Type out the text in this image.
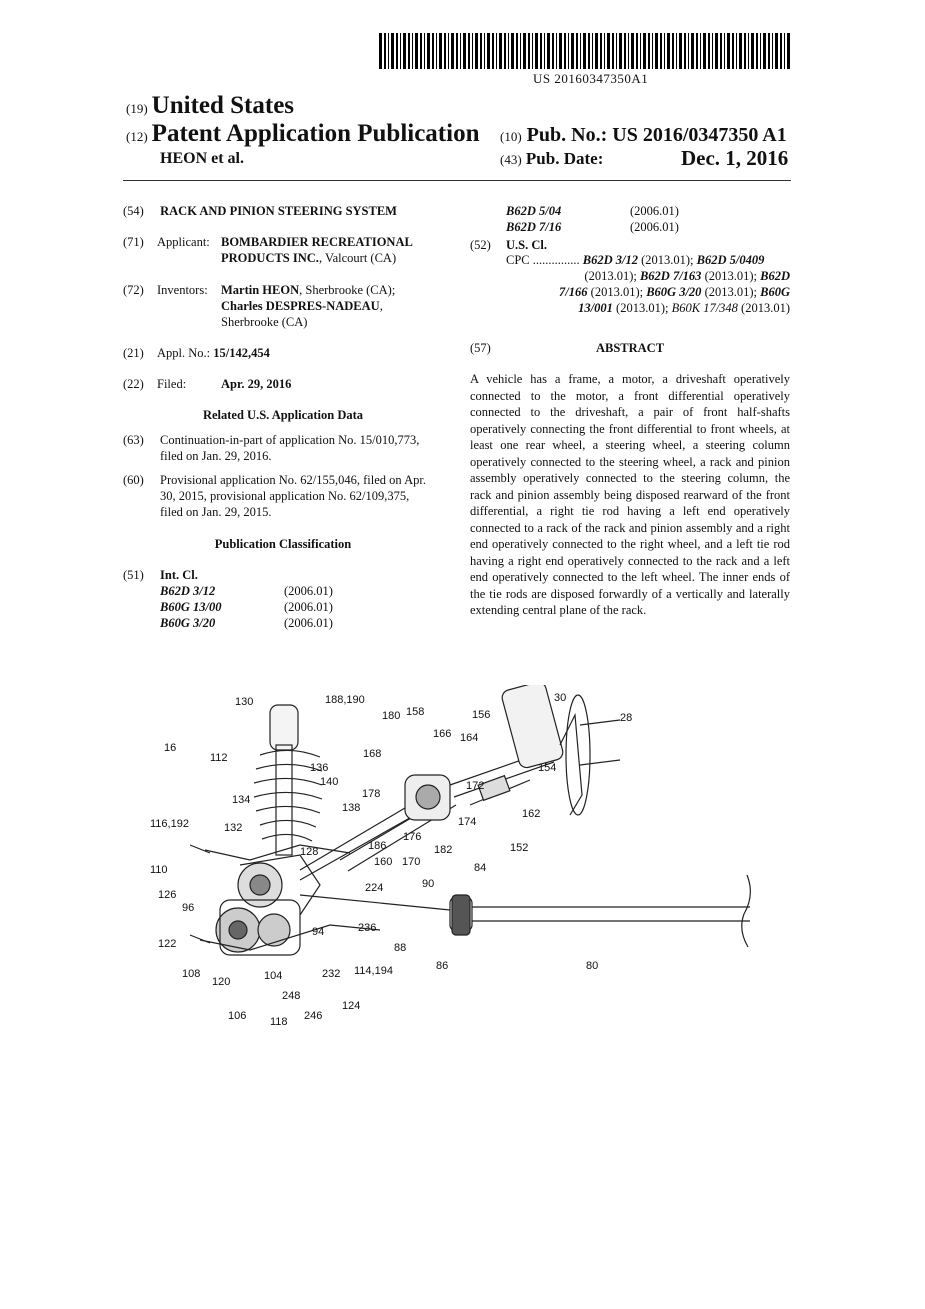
US 20160347350A1
(19) United States
(12) Patent Application Publication
HEON et al.
(10) Pub. No.: US 2016/0347350 A1
(43) Pub. Date:	Dec. 1, 2016
(54) RACK AND PINION STEERING SYSTEM
(71) Applicant: BOMBARDIER RECREATIONAL
PRODUCTS INC., Valcourt (CA)
(72) Inventors: Martin HEON, Sherbrooke (CA);
Charles DESPRES-NADEAU,
Sherbrooke (CA)
(21) Appl. No.: 15/142,454
(22) Filed:	Apr. 29, 2016
Related U.S. Application Data
(63) Continuation-in-part of application No. 15/010,773,
filed on Jan. 29, 2016.
(60) Provisional application No. 62/155,046, filed on Apr.
30, 2015, provisional application No. 62/109,375,
filed on Jan. 29, 2015.
Publication Classification
(51) Int. Cl.
B62D 3/12	(2006.01)
B60G 13/00	(2006.01)
B60G 3/20	(2006.01)
B62D 5/04	(2006.01)
B62D 7/16	(2006.01)
(52) U.S. Cl.
CPC ............... B62D 3/12 (2013.01); B62D 5/0409
(2013.01); B62D 7/163 (2013.01); B62D
7/166 (2013.01); B60G 3/20 (2013.01); B60G
13/001 (2013.01); B60K 17/348 (2013.01)
(57)	ABSTRACT
A vehicle has a frame, a motor, a driveshaft operatively connected to the motor, a front differential operatively connected to the driveshaft, a pair of front half-shafts operatively connecting the front differential to front wheels, at least one rear wheel, a steering wheel, a steering column operatively connected to the steering wheel, a rack and pinion assembly operatively connected to the steering column, the rack and pinion assembly being disposed rearward of the front differential, a right tie rod having a left end operatively connected to a rack of the rack and pinion assembly and a right end operatively connected to the right wheel, and a left tie rod having a right end operatively connected to the rack and a left end operatively connected to the left wheel. The inner ends of the tie rods are disposed forwardly of a vertically and laterally extending central plane of the rack.
130	188,190
180 158	156
30
28
166 164
16
112	168
136
140
178
172
154
134
138
174
162
116,192	132
128
176
186	182	152
160 170
110
224	90
84
126
96
236
94
88
122
86	80
108
120	104	232 114,194
248
124
106 118 246
